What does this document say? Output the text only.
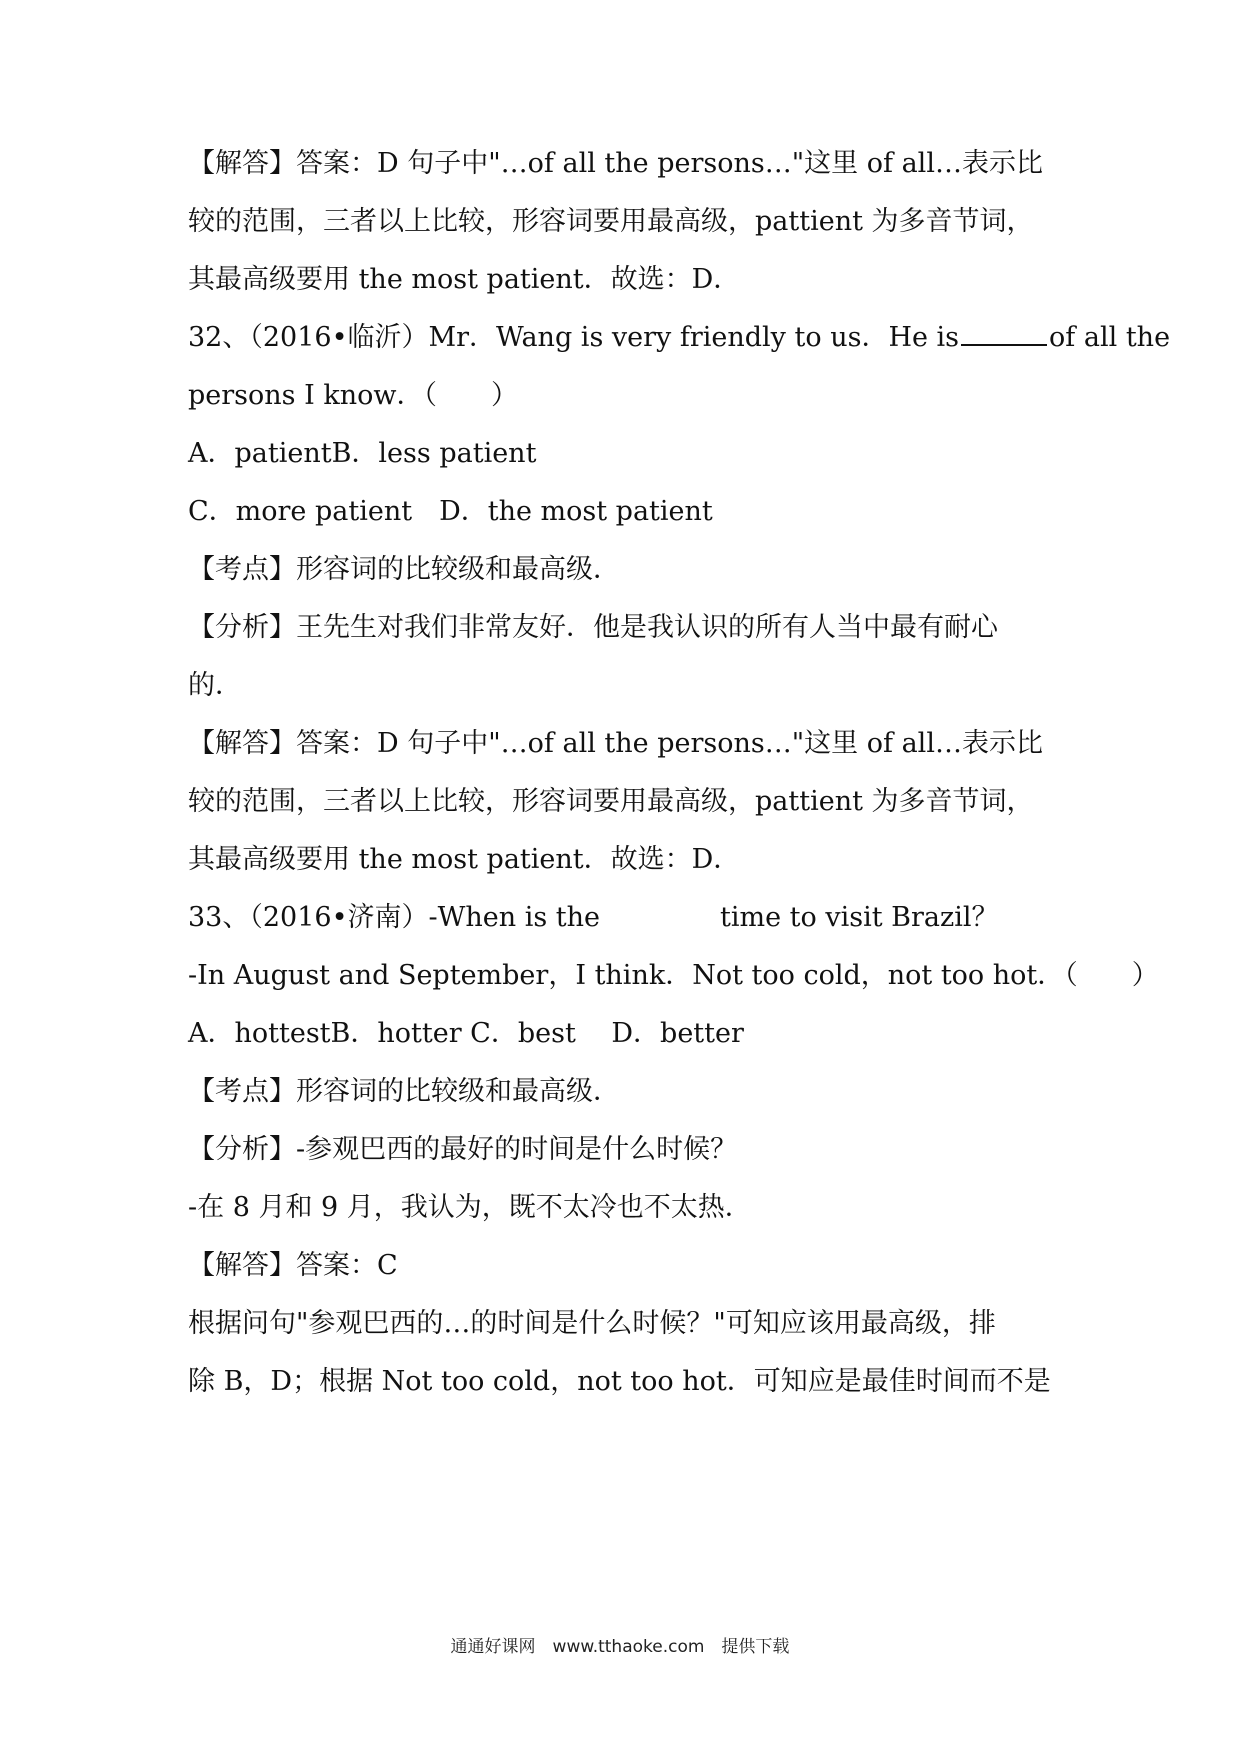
【解答】答案：D 句子中"…of all the persons…"这里 of all…表示比
较的范围，三者以上比较，形容词要用最高级，pattient 为多音节词，
其最高级要用 the most patient．故选：D．
32、（2016•临沂）Mr．Wang is very friendly to us．He is	of all the
persons I know．（　　）
A．patientB．less patient
C．more patient　D．the most patient
【考点】形容词的比较级和最高级．
【分析】王先生对我们非常友好．他是我认识的所有人当中最有耐心
的．
【解答】答案：D 句子中"…of all the persons…"这里 of all…表示比
较的范围，三者以上比较，形容词要用最高级，pattient 为多音节词，
其最高级要用 the most patient．故选：D．
33、（2016•济南）-When is the	time to visit Brazil？
-In August and September，I think．Not too cold，not too hot．（　　）
A．hottestB．hotter C．best　 D．better
【考点】形容词的比较级和最高级．
【分析】-参观巴西的最好的时间是什么时候？
-在 8 月和 9 月，我认为，既不太冷也不太热．
【解答】答案：C
根据问句"参观巴西的…的时间是什么时候？"可知应该用最高级，排
除 B，D；根据 Not too cold，not too hot．可知应是最佳时间而不是
通通好课网　www.tthaoke.com　提供下载
